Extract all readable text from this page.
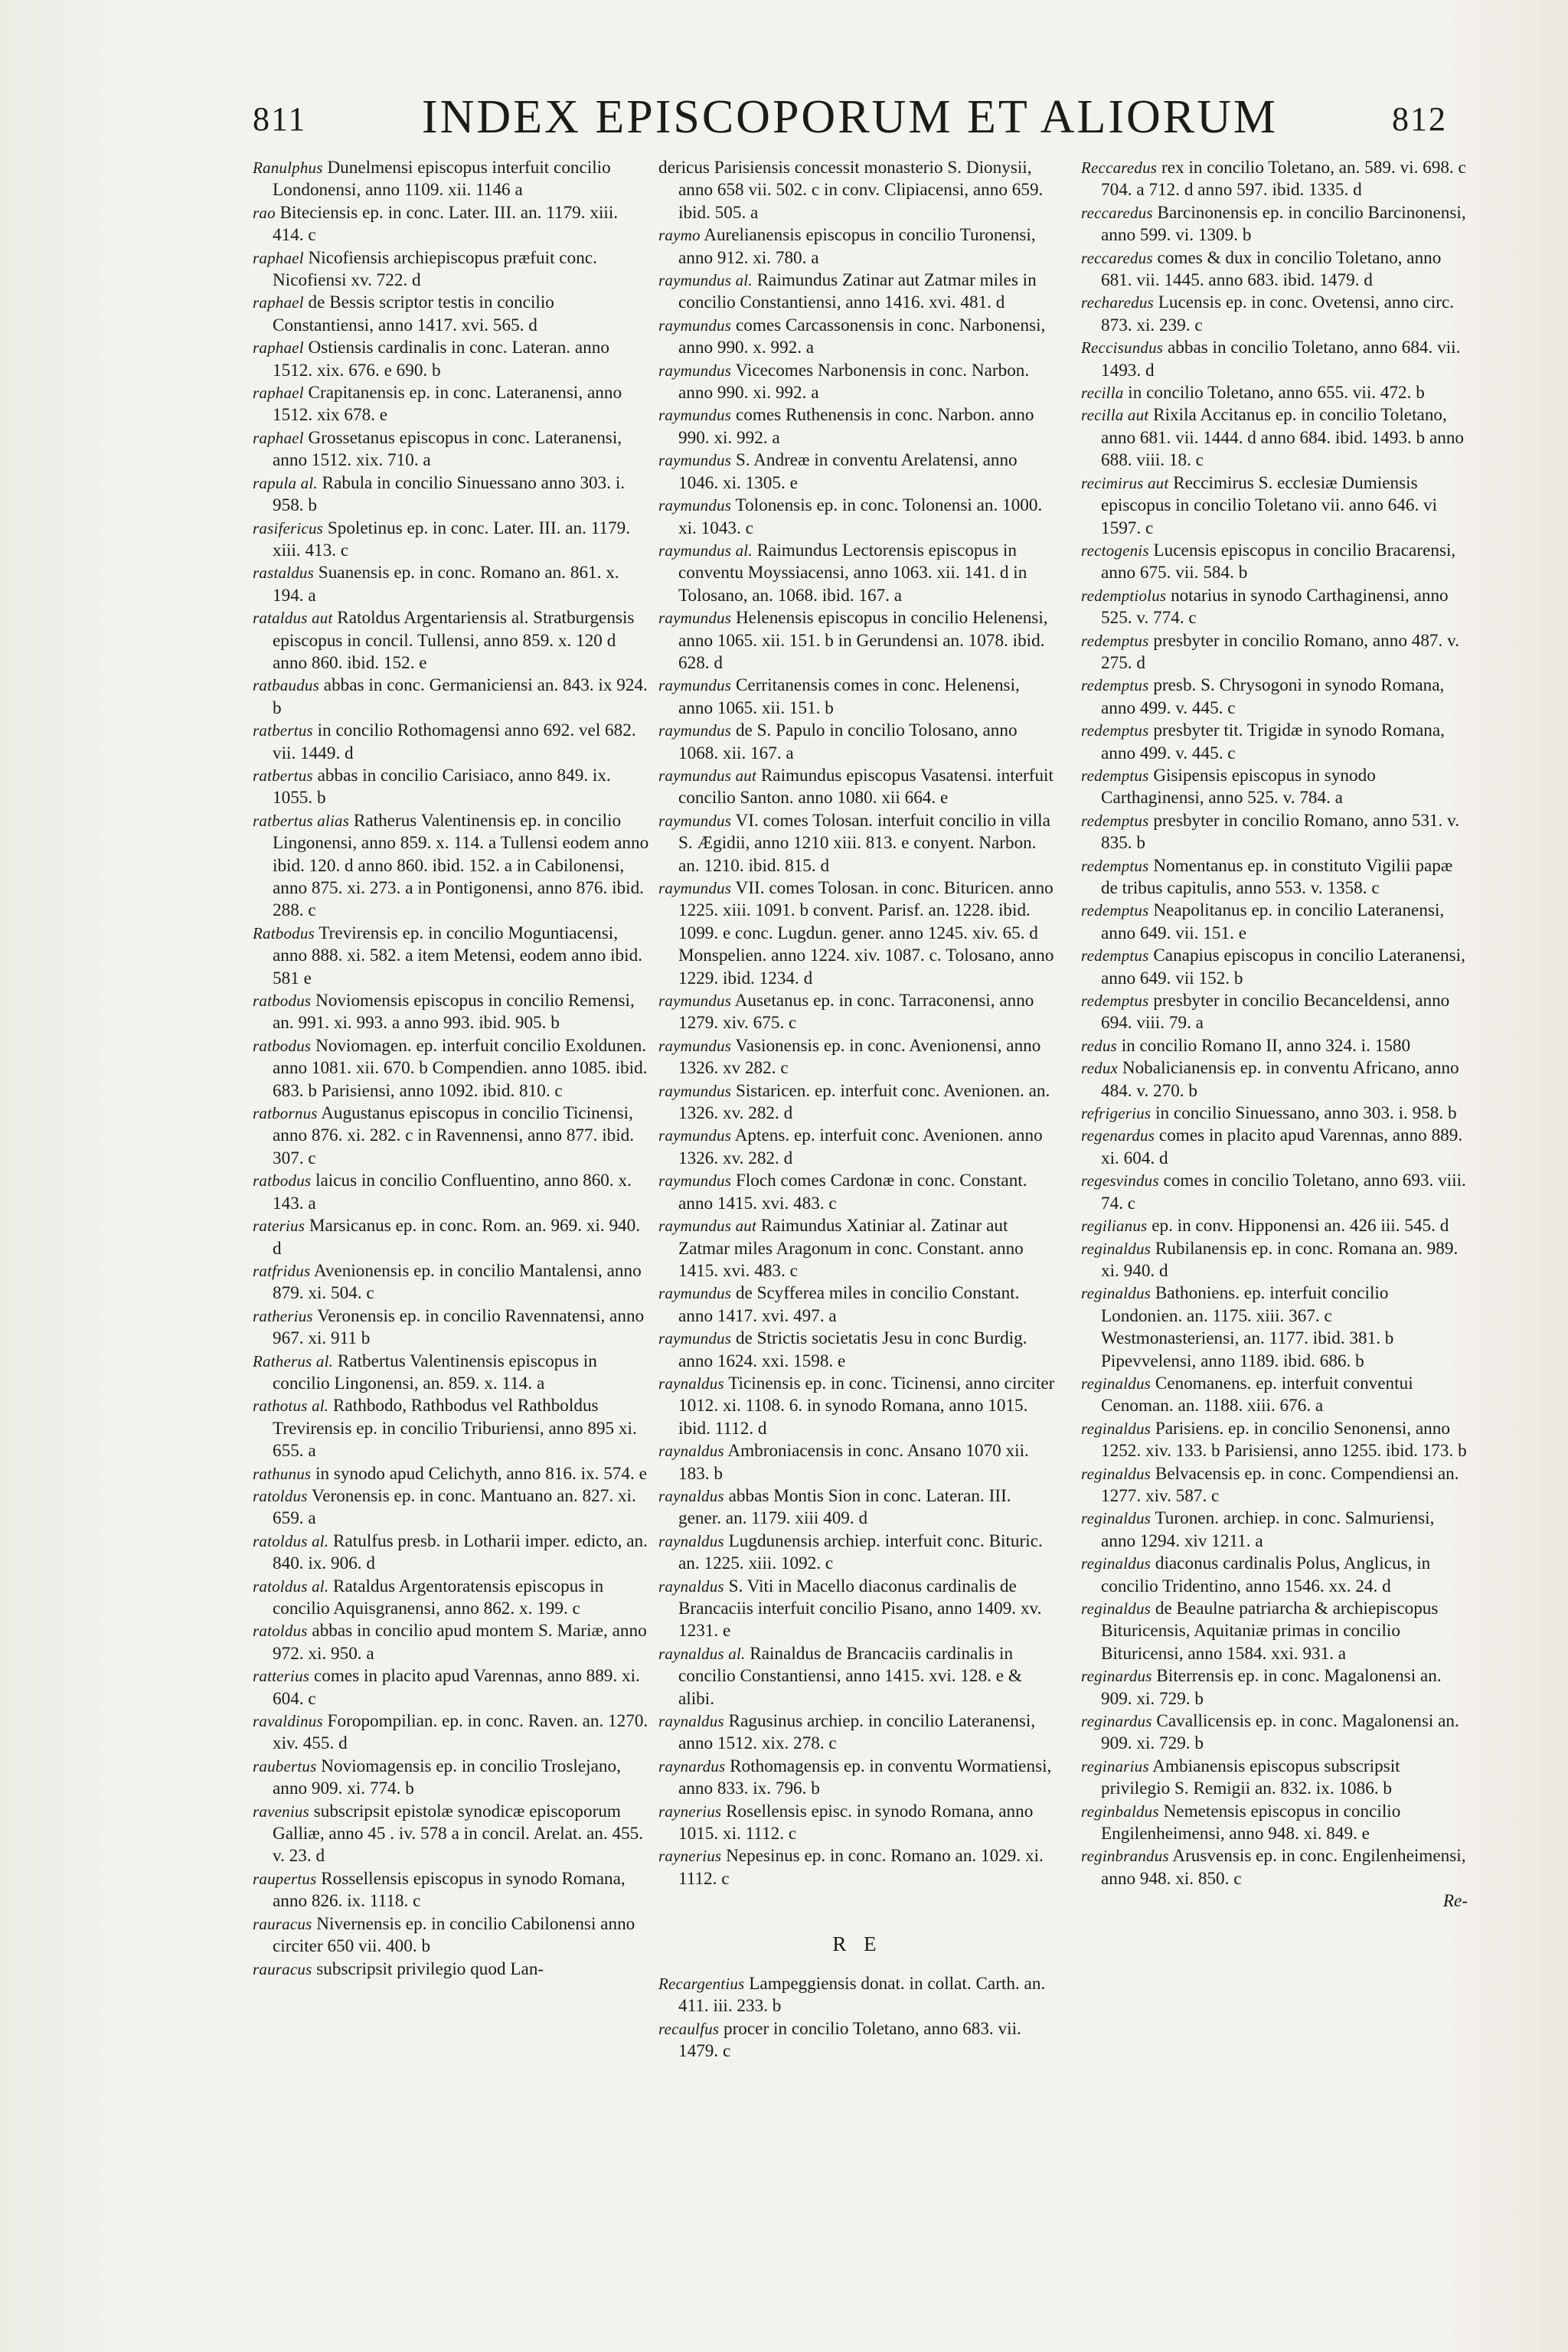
811	INDEX EPISCOPORUM ET ALIORUM	812

Ranulphus Dunelmensi episcopus interfuit concilio Londonensi, anno 1109. xii. 1146 a

rao Biteciensis ep. in conc. Later. III. an. 1179. xiii. 414. c

raphael Nicofiensis archiepiscopus præfuit conc. Nicofiensi xv. 722. d

raphael de Bessis scriptor testis in concilio Constantiensi, anno 1417. xvi. 565. d

raphael Ostiensis cardinalis in conc. Lateran. anno 1512. xix. 676. e 690. b

raphael Crapitanensis ep. in conc. Lateranensi, anno 1512. xix 678. e

raphael Grossetanus episcopus in conc. Lateranensi, anno 1512. xix. 710. a

rapula al. Rabula in concilio Sinuessano anno 303. i. 958. b

rasifericus Spoletinus ep. in conc. Later. III. an. 1179. xiii. 413. c

rastaldus Suanensis ep. in conc. Romano an. 861. x. 194. a

rataldus aut Ratoldus Argentariensis al. Stratburgensis episcopus in concil. Tullensi, anno 859. x. 120 d anno 860. ibid. 152. e

ratbaudus abbas in conc. Germaniciensi an. 843. ix 924. b

ratbertus in concilio Rothomagensi anno 692. vel 682. vii. 1449. d

ratbertus abbas in concilio Carisiaco, anno 849. ix. 1055. b

ratbertus alias Ratherus Valentinensis ep. in concilio Lingonensi, anno 859. x. 114. a Tullensi eodem anno ibid. 120. d anno 860. ibid. 152. a in Cabilonensi, anno 875. xi. 273. a in Pontigonensi, anno 876. ibid. 288. c

Ratbodus Trevirensis ep. in concilio Moguntiacensi, anno 888. xi. 582. a item Metensi, eodem anno ibid. 581 e

ratbodus Noviomensis episcopus in concilio Remensi, an. 991. xi. 993. a anno 993. ibid. 905. b

ratbodus Noviomagen. ep. interfuit concilio Exoldunen. anno 1081. xii. 670. b Compendien. anno 1085. ibid. 683. b Parisiensi, anno 1092. ibid. 810. c

ratbornus Augustanus episcopus in concilio Ticinensi, anno 876. xi. 282. c in Ravennensi, anno 877. ibid. 307. c

ratbodus laicus in concilio Confluentino, anno 860. x. 143. a

raterius Marsicanus ep. in conc. Rom. an. 969. xi. 940. d

ratfridus Avenionensis ep. in concilio Mantalensi, anno 879. xi. 504. c

ratherius Veronensis ep. in concilio Ravennatensi, anno 967. xi. 911 b

Ratherus al. Ratbertus Valentinensis episcopus in concilio Lingonensi, an. 859. x. 114. a

rathotus al. Rathbodo, Rathbodus vel Rathboldus Trevirensis ep. in concilio Triburiensi, anno 895 xi. 655. a

rathunus in synodo apud Celichyth, anno 816. ix. 574. e

ratoldus Veronensis ep. in conc. Mantuano an. 827. xi. 659. a

ratoldus al. Ratulfus presb. in Lotharii imper. edicto, an. 840. ix. 906. d

ratoldus al. Rataldus Argentoratensis episcopus in concilio Aquisgranensi, anno 862. x. 199. c

ratoldus abbas in concilio apud montem S. Mariæ, anno 972. xi. 950. a

ratterius comes in placito apud Varennas, anno 889. xi. 604. c

ravaldinus Foropompilian. ep. in conc. Raven. an. 1270. xiv. 455. d

raubertus Noviomagensis ep. in concilio Troslejano, anno 909. xi. 774. b

ravenius subscripsit epistolæ synodicæ episcoporum Galliæ, anno 45 . iv. 578 a in concil. Arelat. an. 455. v. 23. d

raupertus Rossellensis episcopus in synodo Romana, anno 826. ix. 1118. c

rauracus Nivernensis ep. in concilio Cabilonensi anno circiter 650 vii. 400. b

rauracus subscripsit privilegio quod Lan-

dericus Parisiensis concessit monasterio S. Dionysii, anno 658 vii. 502. c in conv. Clipiacensi, anno 659. ibid. 505. a

raymo Aurelianensis episcopus in concilio Turonensi, anno 912. xi. 780. a

raymundus al. Raimundus Zatinar aut Zatmar miles in concilio Constantiensi, anno 1416. xvi. 481. d

raymundus comes Carcassonensis in conc. Narbonensi, anno 990. x. 992. a

raymundus Vicecomes Narbonensis in conc. Narbon. anno 990. xi. 992. a

raymundus comes Ruthenensis in conc. Narbon. anno 990. xi. 992. a

raymundus S. Andreæ in conventu Arelatensi, anno 1046. xi. 1305. e

raymundus Tolonensis ep. in conc. Tolonensi an. 1000. xi. 1043. c

raymundus al. Raimundus Lectorensis episcopus in conventu Moyssiacensi, anno 1063. xii. 141. d in Tolosano, an. 1068. ibid. 167. a

raymundus Helenensis episcopus in concilio Helenensi, anno 1065. xii. 151. b in Gerundensi an. 1078. ibid. 628. d

raymundus Cerritanensis comes in conc. Helenensi, anno 1065. xii. 151. b

raymundus de S. Papulo in concilio Tolosano, anno 1068. xii. 167. a

raymundus aut Raimundus episcopus Vasatensi. interfuit concilio Santon. anno 1080. xii 664. e

raymundus VI. comes Tolosan. interfuit concilio in villa S. Ægidii, anno 1210 xiii. 813. e conyent. Narbon. an. 1210. ibid. 815. d

raymundus VII. comes Tolosan. in conc. Bituricen. anno 1225. xiii. 1091. b convent. Parisf. an. 1228. ibid. 1099. e conc. Lugdun. gener. anno 1245. xiv. 65. d Monspelien. anno 1224. xiv. 1087. c. Tolosano, anno 1229. ibid. 1234. d

raymundus Ausetanus ep. in conc. Tarraconensi, anno 1279. xiv. 675. c

raymundus Vasionensis ep. in conc. Avenionensi, anno 1326. xv 282. c

raymundus Sistaricen. ep. interfuit conc. Avenionen. an. 1326. xv. 282. d

raymundus Aptens. ep. interfuit conc. Avenionen. anno 1326. xv. 282. d

raymundus Floch comes Cardonæ in conc. Constant. anno 1415. xvi. 483. c

raymundus aut Raimundus Xatiniar al. Zatinar aut Zatmar miles Aragonum in conc. Constant. anno 1415. xvi. 483. c

raymundus de Scyfferea miles in concilio Constant. anno 1417. xvi. 497. a

raymundus de Strictis societatis Jesu in conc Burdig. anno 1624. xxi. 1598. e

raynaldus Ticinensis ep. in conc. Ticinensi, anno circiter 1012. xi. 1108. 6. in synodo Romana, anno 1015. ibid. 1112. d

raynaldus Ambroniacensis in conc. Ansano 1070 xii. 183. b

raynaldus abbas Montis Sion in conc. Lateran. III. gener. an. 1179. xiii 409. d

raynaldus Lugdunensis archiep. interfuit conc. Bituric. an. 1225. xiii. 1092. c

raynaldus S. Viti in Macello diaconus cardinalis de Brancaciis interfuit concilio Pisano, anno 1409. xv. 1231. e

raynaldus al. Rainaldus de Brancaciis cardinalis in concilio Constantiensi, anno 1415. xvi. 128. e & alibi.

raynaldus Ragusinus archiep. in concilio Lateranensi, anno 1512. xix. 278. c

raynardus Rothomagensis ep. in conventu Wormatiensi, anno 833. ix. 796. b

raynerius Rosellensis episc. in synodo Romana, anno 1015. xi. 1112. c

raynerius Nepesinus ep. in conc. Romano an. 1029. xi. 1112. c

R E

Recargentius Lampeggiensis donat. in collat. Carth. an. 411. iii. 233. b

recaulfus procer in concilio Toletano, anno 683. vii. 1479. c

Reccaredus rex in concilio Toletano, an. 589. vi. 698. c 704. a 712. d anno 597. ibid. 1335. d

reccaredus Barcinonensis ep. in concilio Barcinonensi, anno 599. vi. 1309. b

reccaredus comes & dux in concilio Toletano, anno 681. vii. 1445. anno 683. ibid. 1479. d

recharedus Lucensis ep. in conc. Ovetensi, anno circ. 873. xi. 239. c

Reccisundus abbas in concilio Toletano, anno 684. vii. 1493. d

recilla in concilio Toletano, anno 655. vii. 472. b

recilla aut Rixila Accitanus ep. in concilio Toletano, anno 681. vii. 1444. d anno 684. ibid. 1493. b anno 688. viii. 18. c

recimirus aut Reccimirus S. ecclesiæ Dumiensis episcopus in concilio Toletano vii. anno 646. vi 1597. c

rectogenis Lucensis episcopus in concilio Bracarensi, anno 675. vii. 584. b

redemptiolus notarius in synodo Carthaginensi, anno 525. v. 774. c

redemptus presbyter in concilio Romano, anno 487. v. 275. d

redemptus presb. S. Chrysogoni in synodo Romana, anno 499. v. 445. c

redemptus presbyter tit. Trigidæ in synodo Romana, anno 499. v. 445. c

redemptus Gisipensis episcopus in synodo Carthaginensi, anno 525. v. 784. a

redemptus presbyter in concilio Romano, anno 531. v. 835. b

redemptus Nomentanus ep. in constituto Vigilii papæ de tribus capitulis, anno 553. v. 1358. c

redemptus Neapolitanus ep. in concilio Lateranensi, anno 649. vii. 151. e

redemptus Canapius episcopus in concilio Lateranensi, anno 649. vii 152. b

redemptus presbyter in concilio Becanceldensi, anno 694. viii. 79. a

redus in concilio Romano II, anno 324. i. 1580

redux Nobalicianensis ep. in conventu Africano, anno 484. v. 270. b

refrigerius in concilio Sinuessano, anno 303. i. 958. b

regenardus comes in placito apud Varennas, anno 889. xi. 604. d

regesvindus comes in concilio Toletano, anno 693. viii. 74. c

regilianus ep. in conv. Hipponensi an. 426 iii. 545. d

reginaldus Rubilanensis ep. in conc. Romana an. 989. xi. 940. d

reginaldus Bathoniens. ep. interfuit concilio Londonien. an. 1175. xiii. 367. c Westmonasteriensi, an. 1177. ibid. 381. b Pipevvelensi, anno 1189. ibid. 686. b

reginaldus Cenomanens. ep. interfuit conventui Cenoman. an. 1188. xiii. 676. a

reginaldus Parisiens. ep. in concilio Senonensi, anno 1252. xiv. 133. b Parisiensi, anno 1255. ibid. 173. b

reginaldus Belvacensis ep. in conc. Compendiensi an. 1277. xiv. 587. c

reginaldus Turonen. archiep. in conc. Salmuriensi, anno 1294. xiv 1211. a

reginaldus diaconus cardinalis Polus, Anglicus, in concilio Tridentino, anno 1546. xx. 24. d

reginaldus de Beaulne patriarcha & archiepiscopus Bituricensis, Aquitaniæ primas in concilio Bituricensi, anno 1584. xxi. 931. a

reginardus Biterrensis ep. in conc. Magalonensi an. 909. xi. 729. b

reginardus Cavallicensis ep. in conc. Magalonensi an. 909. xi. 729. b

reginarius Ambianensis episcopus subscripsit privilegio S. Remigii an. 832. ix. 1086. b

reginbaldus Nemetensis episcopus in concilio Engilenheimensi, anno 948. xi. 849. e

reginbrandus Arusvensis ep. in conc. Engilenheimensi, anno 948. xi. 850. c

Re-
